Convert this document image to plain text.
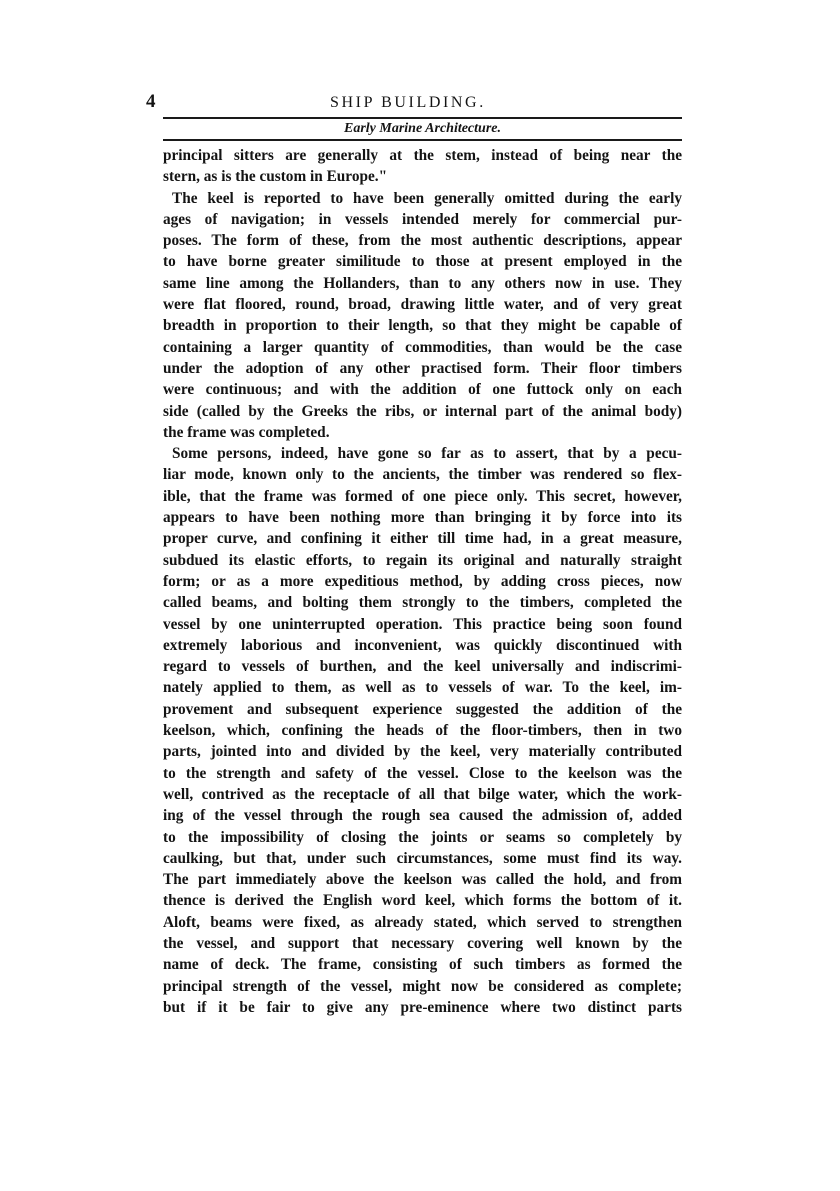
4	SHIP BUILDING.
Early Marine Architecture.
principal sitters are generally at the stem, instead of being near the
stern, as is the custom in Europe."
The keel is reported to have been generally omitted during the early
ages of navigation; in vessels intended merely for commercial pur-
poses. The form of these, from the most authentic descriptions, appear
to have borne greater similitude to those at present employed in the
same line among the Hollanders, than to any others now in use. They
were flat floored, round, broad, drawing little water, and of very great
breadth in proportion to their length, so that they might be capable of
containing a larger quantity of commodities, than would be the case
under the adoption of any other practised form. Their floor timbers
were continuous; and with the addition of one futtock only on each
side (called by the Greeks the ribs, or internal part of the animal body)
the frame was completed.
Some persons, indeed, have gone so far as to assert, that by a pecu-
liar mode, known only to the ancients, the timber was rendered so flex-
ible, that the frame was formed of one piece only. This secret, however,
appears to have been nothing more than bringing it by force into its
proper curve, and confining it either till time had, in a great measure,
subdued its elastic efforts, to regain its original and naturally straight
form; or as a more expeditious method, by adding cross pieces, now
called beams, and bolting them strongly to the timbers, completed the
vessel by one uninterrupted operation. This practice being soon found
extremely laborious and inconvenient, was quickly discontinued with
regard to vessels of burthen, and the keel universally and indiscrimi-
nately applied to them, as well as to vessels of war. To the keel, im-
provement and subsequent experience suggested the addition of the
keelson, which, confining the heads of the floor-timbers, then in two
parts, jointed into and divided by the keel, very materially contributed
to the strength and safety of the vessel. Close to the keelson was the
well, contrived as the receptacle of all that bilge water, which the work-
ing of the vessel through the rough sea caused the admission of, added
to the impossibility of closing the joints or seams so completely by
caulking, but that, under such circumstances, some must find its way.
The part immediately above the keelson was called the hold, and from
thence is derived the English word keel, which forms the bottom of it.
Aloft, beams were fixed, as already stated, which served to strengthen
the vessel, and support that necessary covering well known by the
name of deck. The frame, consisting of such timbers as formed the
principal strength of the vessel, might now be considered as complete;
but if it be fair to give any pre-eminence where two distinct parts
